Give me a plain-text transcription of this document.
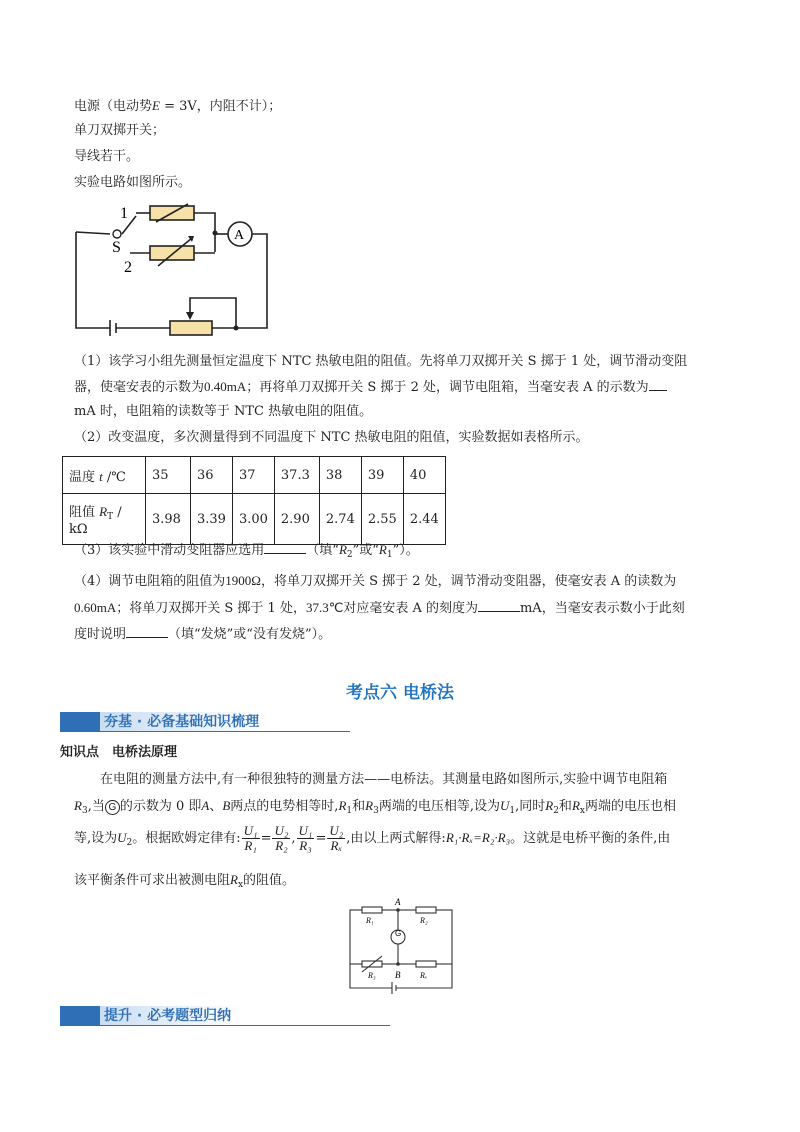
电源（电动势E = 3V，内阻不计）；
单刀双掷开关；
导线若干。
实验电路如图所示。
1
S
2
A
（1）该学习小组先测量恒定温度下 NTC 热敏电阻的阻值。先将单刀双掷开关 S 掷于 1 处，调节滑动变阻
器，使毫安表的示数为0.40mA；再将单刀双掷开关 S 掷于 2 处，调节电阻箱，当毫安表 A 的示数为
mA 时，电阻箱的读数等于 NTC 热敏电阻的阻值。
（2）改变温度，多次测量得到不同温度下 NTC 热敏电阻的阻值，实验数据如表格所示。
温度 t /℃	35	36	37	37.3	38	39	40
阻值 $R_T$ / kΩ	3.98	3.39	3.00	2.90	2.74	2.55	2.44
（3）该实验中滑动变阻器应选用	（填“$R_2$”或“$R_1$”）。
（4）调节电阻箱的阻值为1900Ω，将单刀双掷开关 S 掷于 2 处，调节滑动变阻器，使毫安表 A 的读数为
0.60mA；将单刀双掷开关 S 掷于 1 处，37.3℃对应毫安表 A 的刻度为	mA，当毫安表示数小于此刻
度时说明	（填“发烧”或“没有发烧”）。
考点六 电桥法
夯基 · 必备基础知识梳理
知识点　电桥法原理
在电阻的测量方法中,有一种很独特的测量方法——电桥法。其测量电路如图所示,实验中调节电阻箱
$R_3$,当 G 的示数为 0 即A、B两点的电势相等时$,R_1$和$R_3$两端的电压相等,设为$U_1$,同时$R_2$和$R_x$两端的电压也相
等,设为$U_2$。根据欧姆定律有: $\frac{\text{U₁}}{\text{R₁}} = \frac{\text{U₂}}{\text{R₂}}$ , $\frac{\text{U₁}}{\text{R₃}} = \frac{\text{U₂}}{\text{Rₓ}}$ ,由以上两式解得:R₁·Rₓ=R₂·R₃。这就是电桥平衡的条件,由
该平衡条件可求出被测电阻$R_x$的阻值。
G
A
B
R₁	R₂
R₃	Rₓ
提升 · 必考题型归纳
